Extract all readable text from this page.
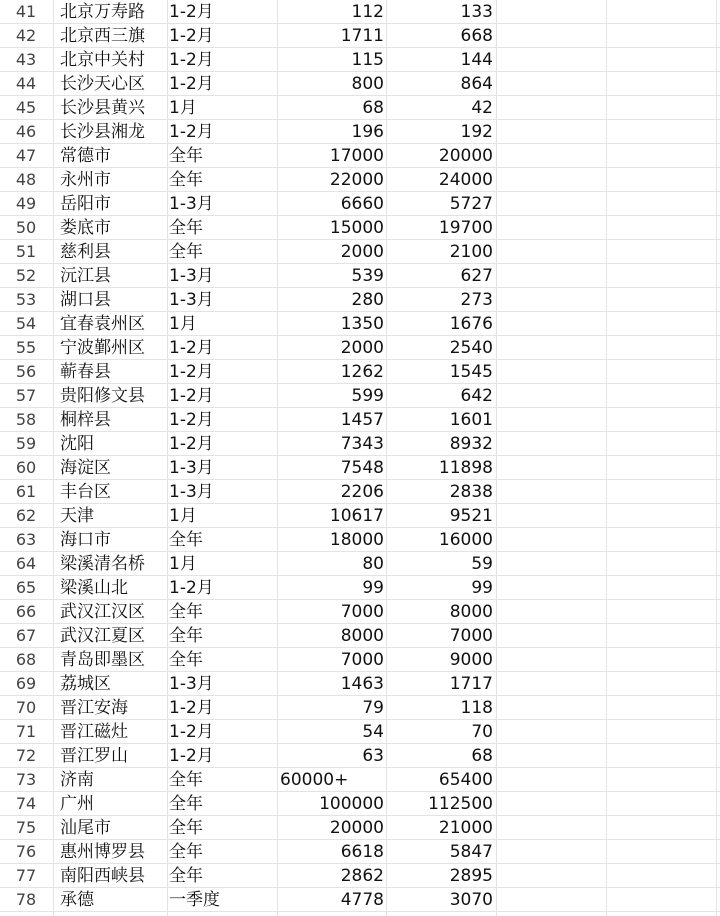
41	北京万寿路	1-2月	112	133
42	北京西三旗	1-2月	1711	668
43	北京中关村	1-2月	115	144
44	长沙天心区	1-2月	800	864
45	长沙县黄兴	1月	68	42
46	长沙县湘龙	1-2月	196	192
47	常德市	全年	17000	20000
48	永州市	全年	22000	24000
49	岳阳市	1-3月	6660	5727
50	娄底市	全年	15000	19700
51	慈利县	全年	2000	2100
52	沅江县	1-3月	539	627
53	湖口县	1-3月	280	273
54	宜春袁州区	1月	1350	1676
55	宁波鄞州区	1-2月	2000	2540
56	蕲春县	1-2月	1262	1545
57	贵阳修文县	1-2月	599	642
58	桐梓县	1-2月	1457	1601
59	沈阳	1-2月	7343	8932
60	海淀区	1-3月	7548	11898
61	丰台区	1-3月	2206	2838
62	天津	1月	10617	9521
63	海口市	全年	18000	16000
64	梁溪清名桥	1月	80	59
65	梁溪山北	1-2月	99	99
66	武汉江汉区	全年	7000	8000
67	武汉江夏区	全年	8000	7000
68	青岛即墨区	全年	7000	9000
69	荔城区	1-3月	1463	1717
70	晋江安海	1-2月	79	118
71	晋江磁灶	1-2月	54	70
72	晋江罗山	1-2月	63	68
73	济南	全年	60000+	65400
74	广州	全年	100000	112500
75	汕尾市	全年	20000	21000
76	惠州博罗县	全年	6618	5847
77	南阳西峡县	全年	2862	2895
78	承德	一季度	4778	3070
